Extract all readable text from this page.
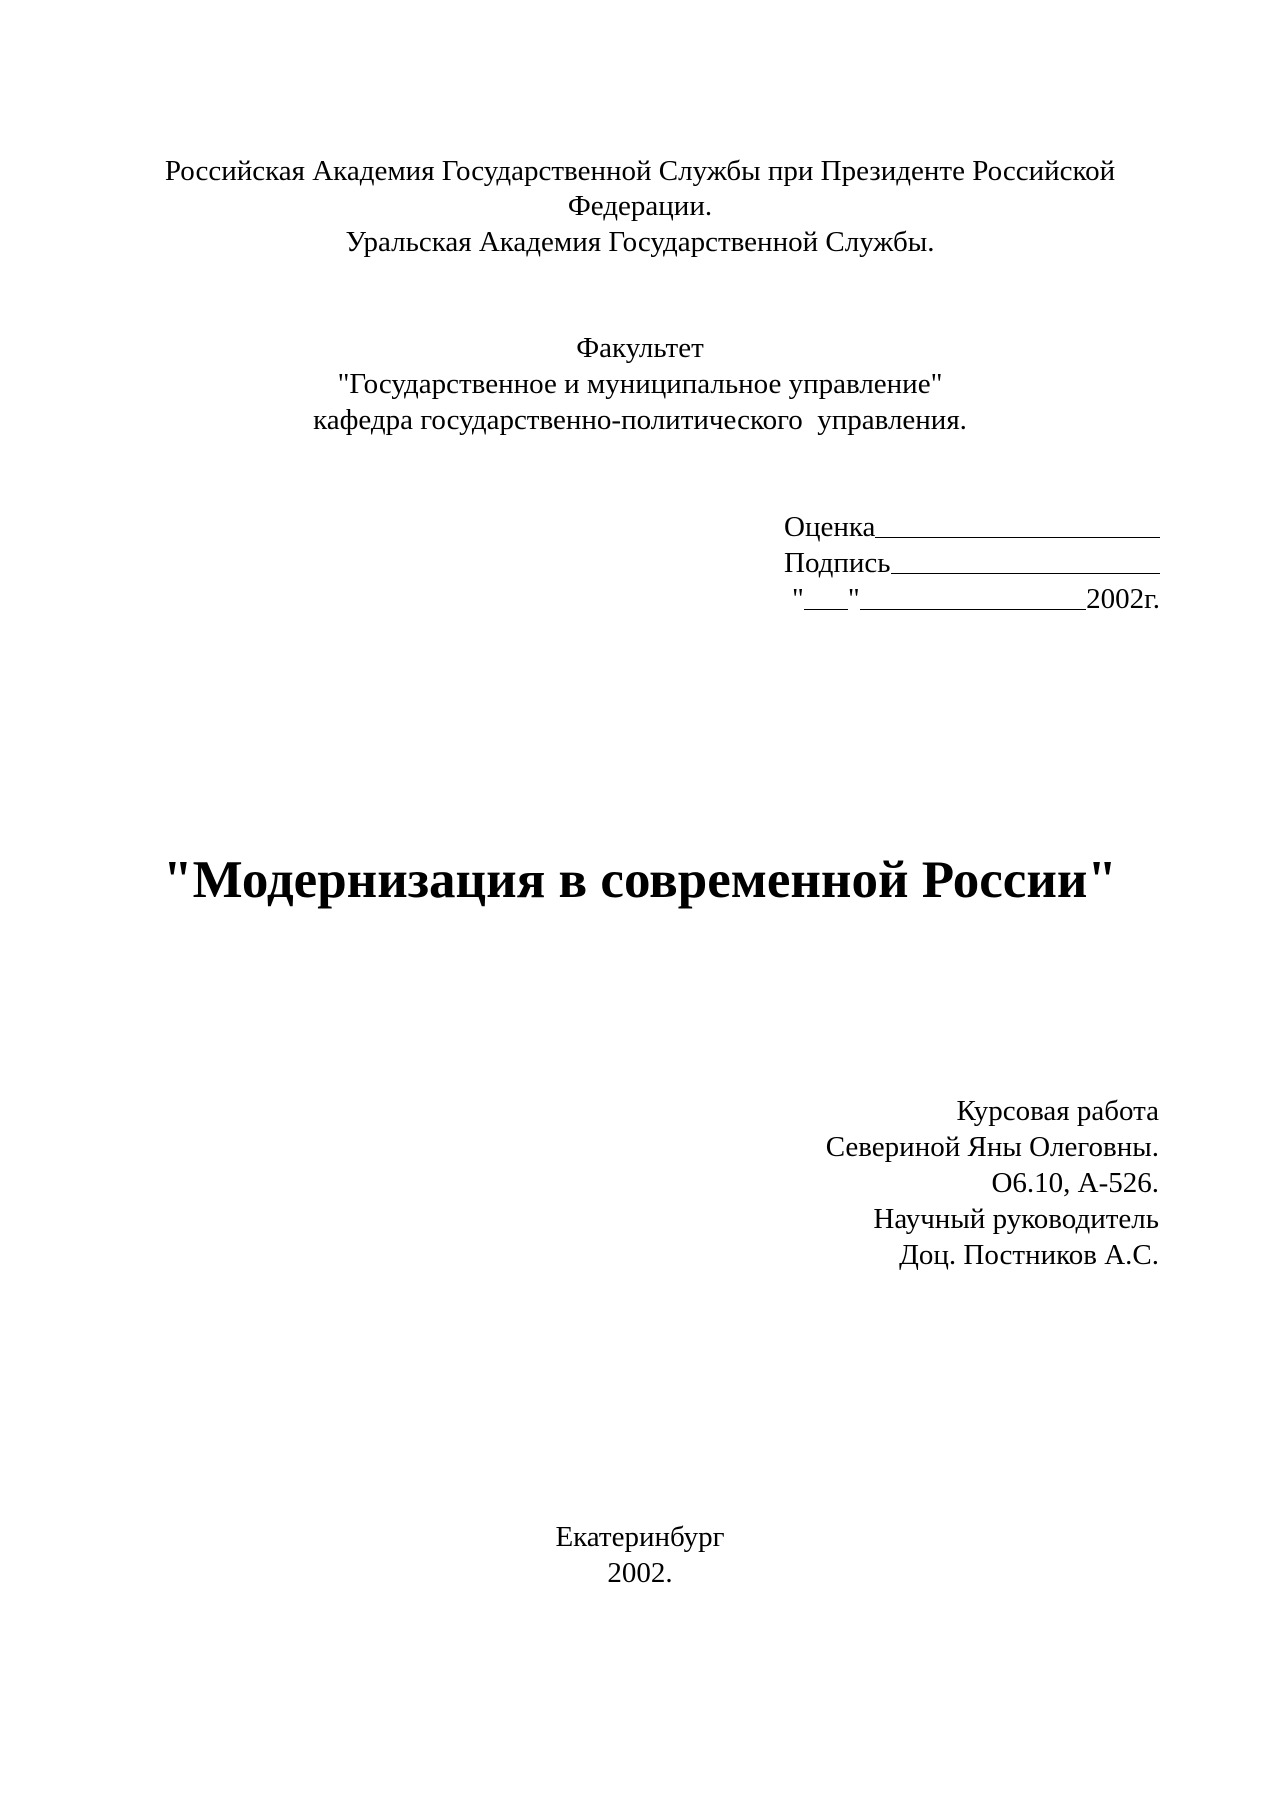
Российская Академия Государственной Службы при Президенте Российской
Федерации.
Уральская Академия Государственной Службы.
Факультет
"Государственное и муниципальное управление"
кафедра государственно-политического  управления.
Оценка
Подпись
" "	2002г.
"Модернизация в современной России"
Курсовая работа
Севериной Яны Олеговны.
О6.10, А-526.
Научный руководитель
Доц. Постников А.С.
Екатеринбург
2002.
